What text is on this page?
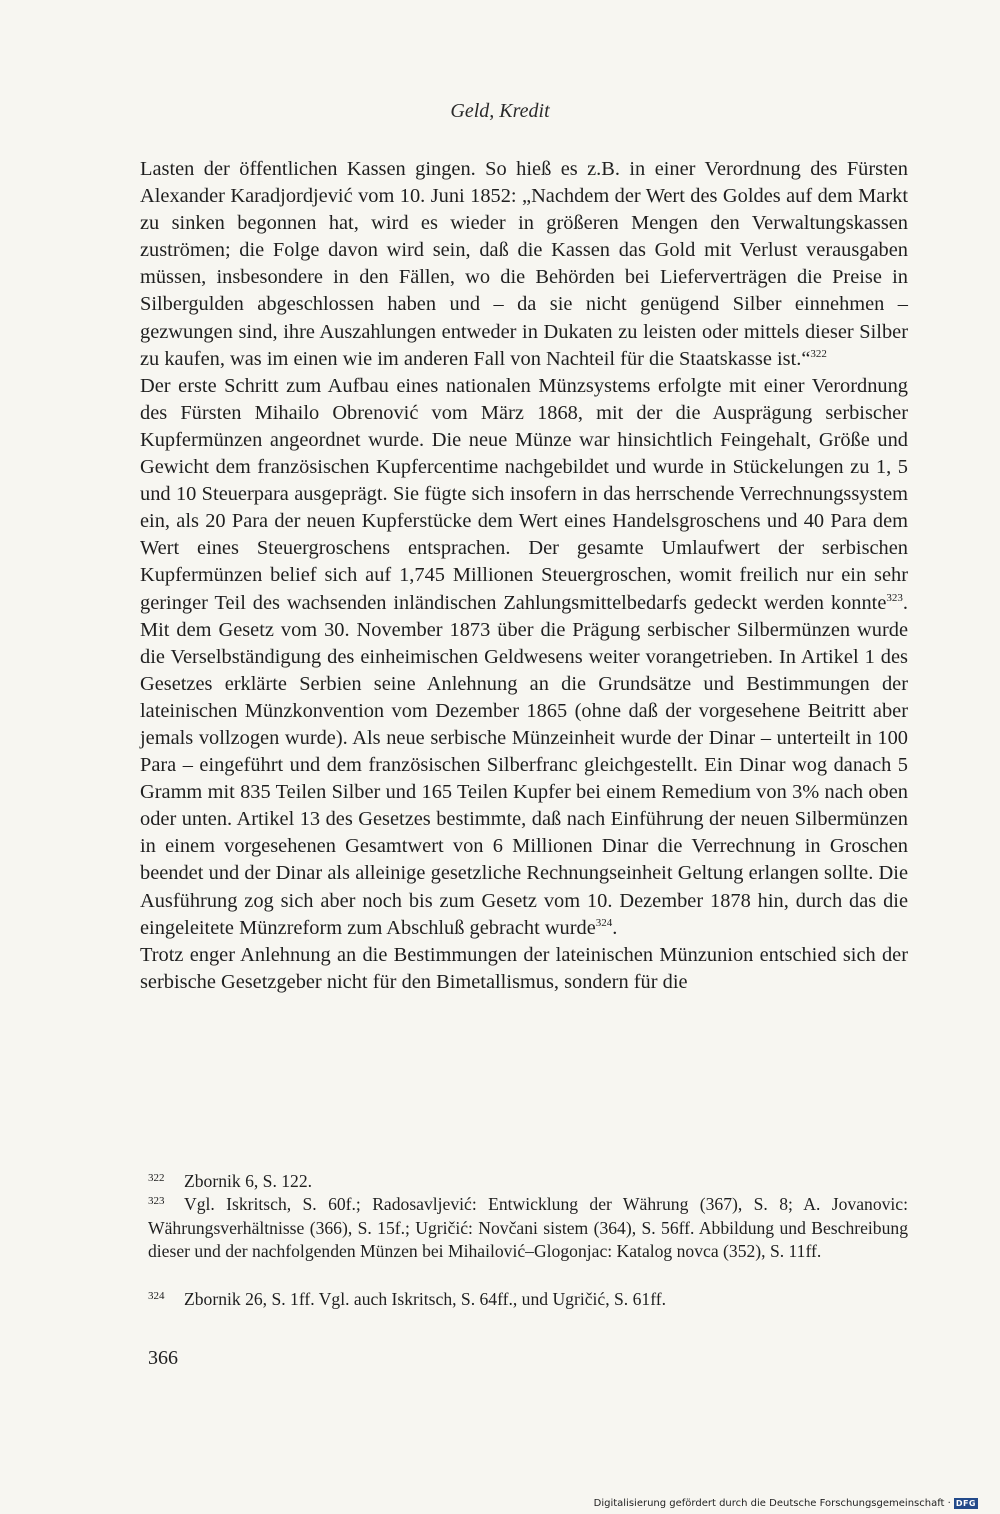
Geld, Kredit

Lasten der öffentlichen Kassen gingen. So hieß es z.B. in einer Verordnung des Fürsten Alexander Karadjordjević vom 10. Juni 1852: „Nachdem der Wert des Goldes auf dem Markt zu sinken begonnen hat, wird es wieder in größeren Mengen den Verwaltungskassen zuströmen; die Folge davon wird sein, daß die Kassen das Gold mit Verlust verausgaben müssen, insbesondere in den Fällen, wo die Behörden bei Lieferverträgen die Preise in Silbergulden abgeschlossen haben und – da sie nicht genügend Silber einnehmen – gezwungen sind, ihre Auszahlungen entweder in Dukaten zu leisten oder mittels dieser Silber zu kaufen, was im einen wie im anderen Fall von Nachteil für die Staatskasse ist.“$^{322}$

Der erste Schritt zum Aufbau eines nationalen Münzsystems erfolgte mit einer Verordnung des Fürsten Mihailo Obrenović vom März 1868, mit der die Ausprägung serbischer Kupfermünzen angeordnet wurde. Die neue Münze war hinsichtlich Feingehalt, Größe und Gewicht dem französischen Kupfercentime nachgebildet und wurde in Stückelungen zu 1, 5 und 10 Steuerpara ausgeprägt. Sie fügte sich insofern in das herrschende Verrechnungssystem ein, als 20 Para der neuen Kupferstücke dem Wert eines Handelsgroschens und 40 Para dem Wert eines Steuergroschens entsprachen. Der gesamte Umlaufwert der serbischen Kupfermünzen belief sich auf 1,745 Millionen Steuergroschen, womit freilich nur ein sehr geringer Teil des wachsenden inländischen Zahlungsmittelbedarfs gedeckt werden konnte$^{323}$. Mit dem Gesetz vom 30. November 1873 über die Prägung serbischer Silbermünzen wurde die Verselbständigung des einheimischen Geldwesens weiter vorangetrieben. In Artikel 1 des Gesetzes erklärte Serbien seine Anlehnung an die Grundsätze und Bestimmungen der lateinischen Münzkonvention vom Dezember 1865 (ohne daß der vorgesehene Beitritt aber jemals vollzogen wurde). Als neue serbische Münzeinheit wurde der Dinar – unterteilt in 100 Para – eingeführt und dem französischen Silberfranc gleichgestellt. Ein Dinar wog danach 5 Gramm mit 835 Teilen Silber und 165 Teilen Kupfer bei einem Remedium von 3% nach oben oder unten. Artikel 13 des Gesetzes bestimmte, daß nach Einführung der neuen Silbermünzen in einem vorgesehenen Gesamtwert von 6 Millionen Dinar die Verrechnung in Groschen beendet und der Dinar als alleinige gesetzliche Rechnungseinheit Geltung erlangen sollte. Die Ausführung zog sich aber noch bis zum Gesetz vom 10. Dezember 1878 hin, durch das die eingeleitete Münzreform zum Abschluß gebracht wurde$^{324}$.

Trotz enger Anlehnung an die Bestimmungen der lateinischen Münzunion entschied sich der serbische Gesetzgeber nicht für den Bimetallismus, sondern für die

322 Zbornik 6, S. 122.
323	Vgl. Iskritsch, S. 60f.; Radosavljević: Entwicklung der Währung (367), S. 8; A. Jovanovic: Währungsverhältnisse (366), S. 15f.; Ugričić: Novčani sistem (364), S. 56ff. Abbildung und Beschreibung dieser und der nachfolgenden Münzen bei Mihailović–Glogonjac: Katalog novca (352), S. 11ff.
324 Zbornik 26, S. 1ff. Vgl. auch Iskritsch, S. 64ff., und Ugričić, S. 61ff.
366
Digitalisierung gefördert durch die Deutsche Forschungsgemeinschaft · DFG
